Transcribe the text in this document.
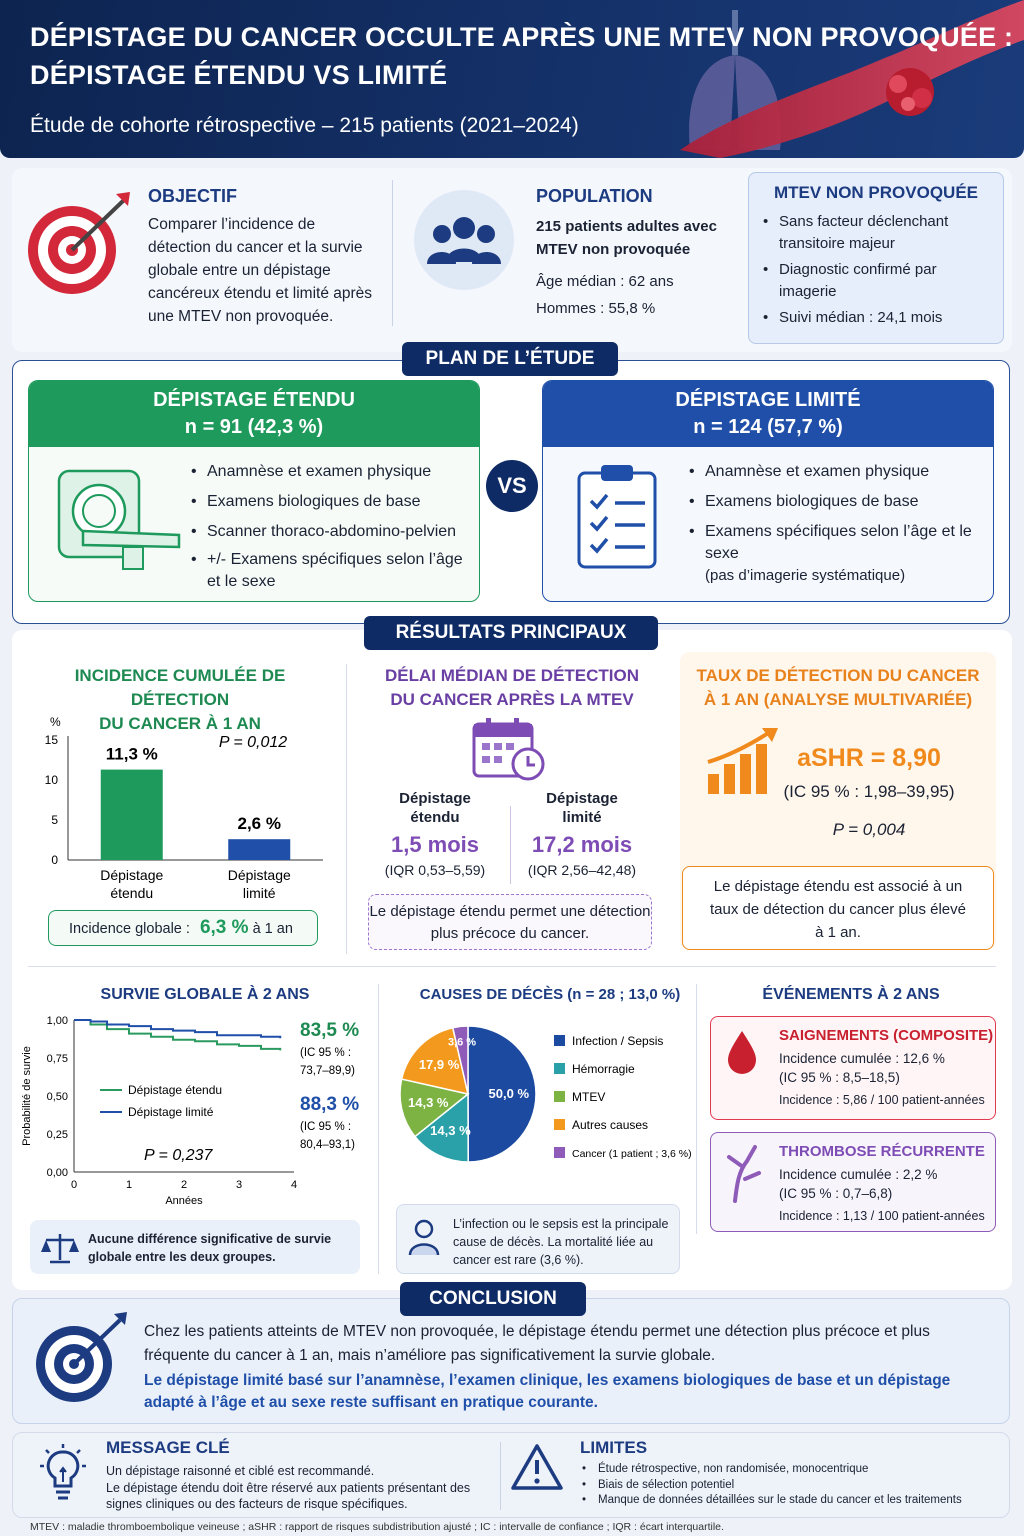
DÉPISTAGE DU CANCER OCCULTE APRÈS UNE MTEV NON PROVOQUÉE :
DÉPISTAGE ÉTENDU VS LIMITÉ
Étude de cohorte rétrospective – 215 patients (2021–2024)
OBJECTIF
Comparer l’incidence de détection du cancer et la survie globale entre un dépistage cancéreux étendu et limité après une MTEV non provoquée.
POPULATION
215 patients adultes avec MTEV non provoquée
Âge médian : 62 ans
Hommes : 55,8 %
MTEV NON PROVOQUÉE
• Sans facteur déclenchant transitoire majeur
• Diagnostic confirmé par imagerie
• Suivi médian : 24,1 mois
PLAN DE L’ÉTUDE
DÉPISTAGE ÉTENDU
n = 91 (42,3 %)
• Anamnèse et examen physique
• Examens biologiques de base
• Scanner thoraco-abdomino-pelvien
• +/- Examens spécifiques selon l’âge et le sexe
VS
DÉPISTAGE LIMITÉ
n = 124 (57,7 %)
• Anamnèse et examen physique
• Examens biologiques de base
• Examens spécifiques selon l’âge et le sexe
(pas d’imagerie systématique)
RÉSULTATS PRINCIPAUX
INCIDENCE CUMULÉE DE DÉTECTION
DU CANCER À 1 AN
%
0
5
10
15
11,3 %
Dépistage
étendu
2,6 %
Dépistage
limité
P = 0,012
Incidence globale : 6,3 % à 1 an
DÉLAI MÉDIAN DE DÉTECTION
DU CANCER APRÈS LA MTEV
Dépistage
étendu
1,5 mois
(IQR 0,53–5,59)
Dépistage
limité
17,2 mois
(IQR 2,56–42,48)
Le dépistage étendu permet une détection plus précoce du cancer.
TAUX DE DÉTECTION DU CANCER
À 1 AN (ANALYSE MULTIVARIÉE)
aSHR = 8,90
(IC 95 % : 1,98–39,95)
P = 0,004
Le dépistage étendu est associé à un taux de détection du cancer plus élevé à 1 an.
SURVIE GLOBALE À 2 ANS
0,00
0,25
0,50
0,75
1,00
0	1	2	3	4
Années
Probabilité de survie	Dépistage étendu
Dépistage limité
P = 0,237
83,5 %
(IC 95 % :
73,7–89,9)
88,3 %
(IC 95 % :
80,4–93,1)
Aucune différence significative de survie globale entre les deux groupes.
CAUSES DE DÉCÈS (n = 28 ; 13,0 %)
50,0 %
14,3 %
14,3 %
17,9 %
3,6 %	Infection / Sepsis
Hémorragie
MTEV
Autres causes
Cancer (1 patient ; 3,6 %)
L’infection ou le sepsis est la principale cause de décès. La mortalité liée au cancer est rare (3,6 %).
ÉVÉNEMENTS À 2 ANS
SAIGNEMENTS (COMPOSITE)
Incidence cumulée : 12,6 %
(IC 95 % : 8,5–18,5)
Incidence : 5,86 / 100 patient-années
THROMBOSE RÉCURRENTE
Incidence cumulée : 2,2 %
(IC 95 % : 0,7–6,8)
Incidence : 1,13 / 100 patient-années
CONCLUSION
Chez les patients atteints de MTEV non provoquée, le dépistage étendu permet une détection plus précoce et plus fréquente du cancer à 1 an, mais n’améliore pas significativement la survie globale.
Le dépistage limité basé sur l’anamnèse, l’examen clinique, les examens biologiques de base et un dépistage adapté à l’âge et au sexe reste suffisant en pratique courante.
MESSAGE CLÉ
Un dépistage raisonné et ciblé est recommandé.
Le dépistage étendu doit être réservé aux patients présentant des signes cliniques ou des facteurs de risque spécifiques.
LIMITES
• Étude rétrospective, non randomisée, monocentrique
• Biais de sélection potentiel
• Manque de données détaillées sur le stade du cancer et les traitements
MTEV : maladie thromboembolique veineuse ; aSHR : rapport de risques subdistribution ajusté ; IC : intervalle de confiance ; IQR : écart interquartile.
